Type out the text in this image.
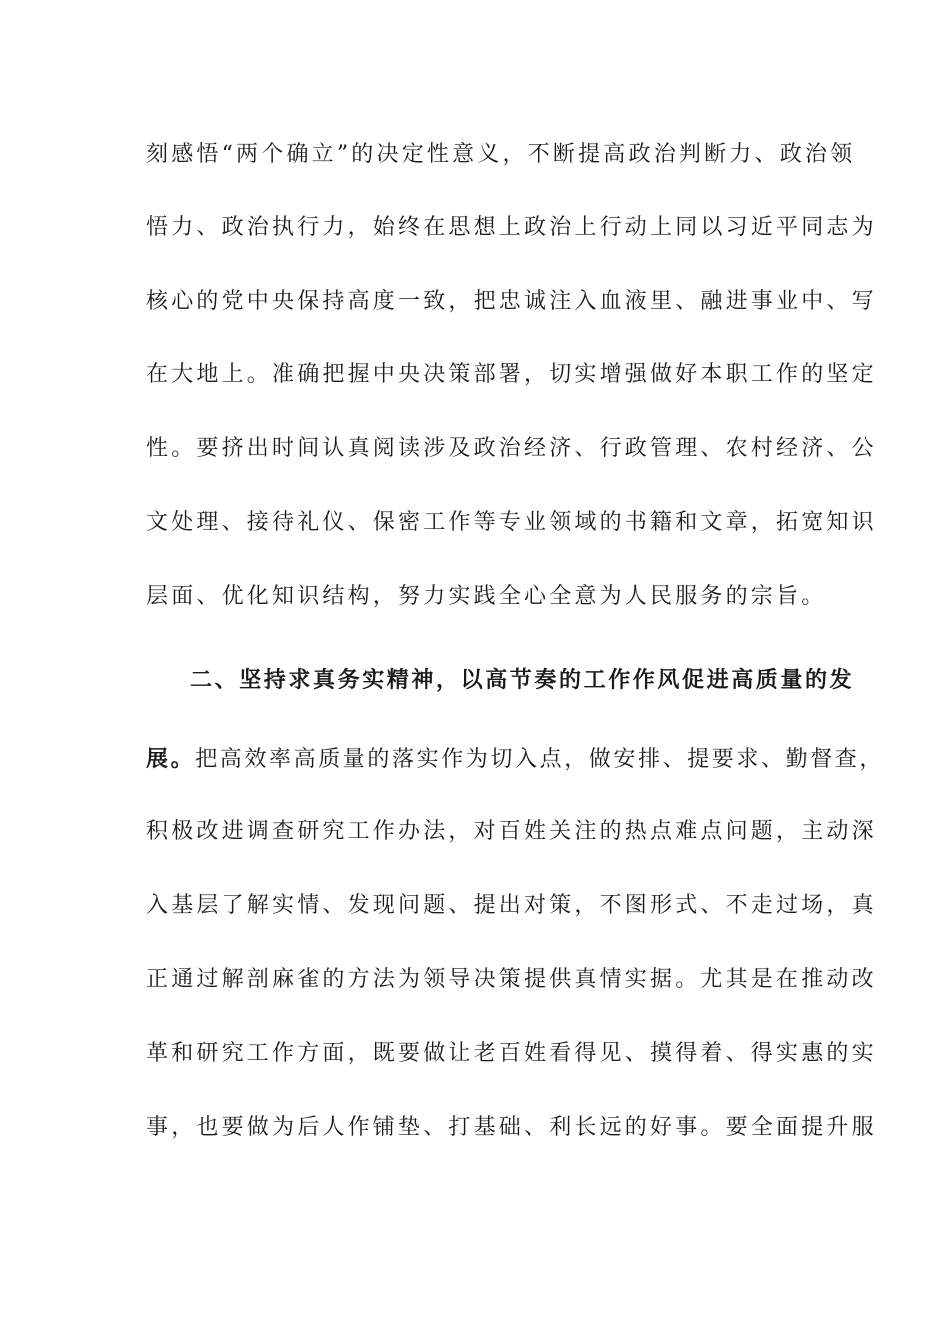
刻感悟“两个确立”的决定性意义，不断提高政治判断力、政治领
悟力、政治执行力，始终在思想上政治上行动上同以习近平同志为
核心的党中央保持高度一致，把忠诚注入血液里、融进事业中、写
在大地上。准确把握中央决策部署，切实增强做好本职工作的坚定
性。要挤出时间认真阅读涉及政治经济、行政管理、农村经济、公
文处理、接待礼仪、保密工作等专业领域的书籍和文章，拓宽知识
层面、优化知识结构，努力实践全心全意为人民服务的宗旨。
二、坚持求真务实精神，以高节奏的工作作风促进高质量的发
展。把高效率高质量的落实作为切入点，做安排、提要求、勤督查，
积极改进调查研究工作办法，对百姓关注的热点难点问题，主动深
入基层了解实情、发现问题、提出对策，不图形式、不走过场，真
正通过解剖麻雀的方法为领导决策提供真情实据。尤其是在推动改
革和研究工作方面，既要做让老百姓看得见、摸得着、得实惠的实
事，也要做为后人作铺垫、打基础、利长远的好事。要全面提升服
